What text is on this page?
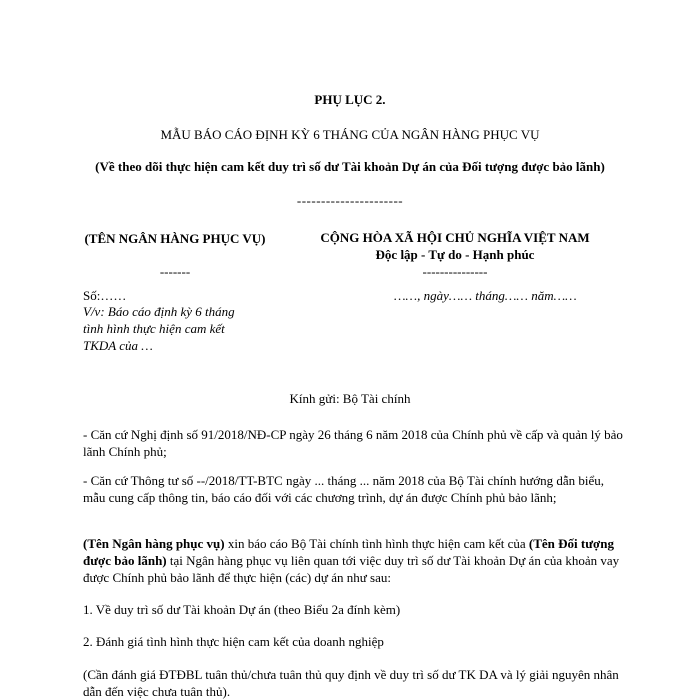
PHỤ LỤC 2.
MẪU BÁO CÁO ĐỊNH KỲ 6 THÁNG CỦA NGÂN HÀNG PHỤC VỤ
(Về theo dõi thực hiện cam kết duy trì số dư Tài khoản Dự án của Đối tượng được bảo lãnh)
----------------------
(TÊN NGÂN HÀNG PHỤC VỤ)
-------
CỘNG HÒA XÃ HỘI CHỦ NGHĨA VIỆT NAM
Độc lập - Tự do - Hạnh phúc
---------------
Số:……	……, ngày…… tháng…… năm……
V/v: Báo cáo định kỳ 6 tháng tình hình thực hiện cam kết TKDA của …
Kính gửi: Bộ Tài chính
- Căn cứ Nghị định số 91/2018/NĐ-CP ngày 26 tháng 6 năm 2018 của Chính phủ về cấp và quản lý bảo lãnh Chính phủ;
- Căn cứ Thông tư số --/2018/TT-BTC ngày ... tháng ... năm 2018 của Bộ Tài chính hướng dẫn biểu, mẫu cung cấp thông tin, báo cáo đối với các chương trình, dự án được Chính phủ bảo lãnh;
(Tên Ngân hàng phục vụ) xin báo cáo Bộ Tài chính tình hình thực hiện cam kết của (Tên Đối tượng được bảo lãnh) tại Ngân hàng phục vụ liên quan tới việc duy trì số dư Tài khoản Dự án của khoản vay được Chính phủ bảo lãnh để thực hiện (các) dự án như sau:
1. Về duy trì số dư Tài khoản Dự án (theo Biểu 2a đính kèm)
2. Đánh giá tình hình thực hiện cam kết của doanh nghiệp
(Cần đánh giá ĐTĐBL tuân thủ/chưa tuân thủ quy định về duy trì số dư TK DA và lý giải nguyên nhân dẫn đến việc chưa tuân thủ).
